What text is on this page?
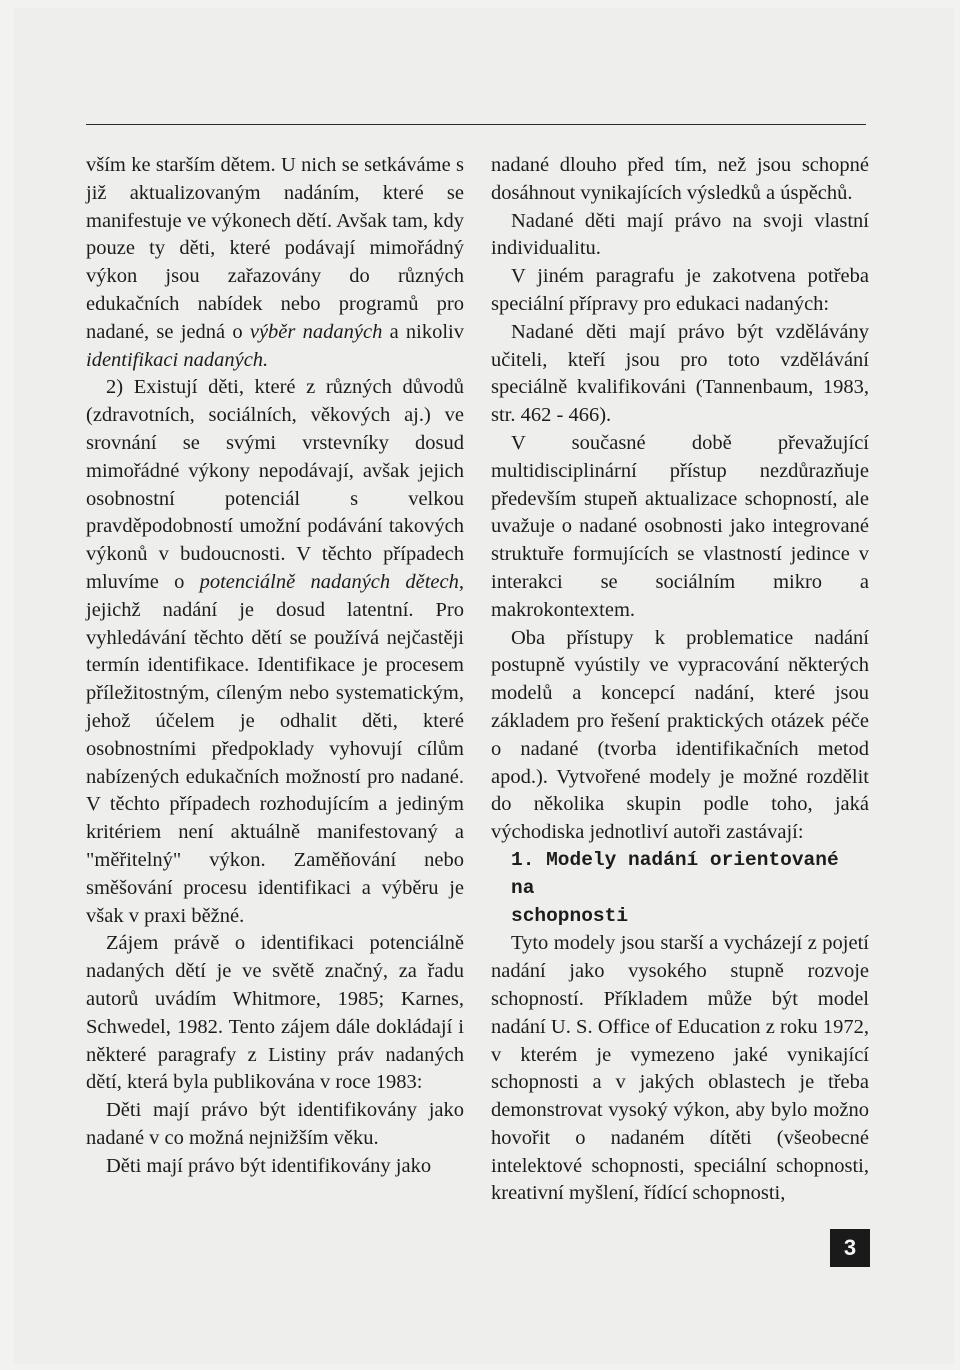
vším ke starším dětem. U nich se setkáváme s již aktualizovaným nadáním, které se manifestuje ve výkonech dětí. Avšak tam, kdy pouze ty děti, které podávají mimořádný výkon jsou zařazovány do různých edukačních nabídek nebo programů pro nadané, se jedná o výběr nadaných a nikoliv identifikaci nadaných.

2) Existují děti, které z různých důvodů (zdravotních, sociálních, věkových aj.) ve srovnání se svými vrstevníky dosud mimořádné výkony nepodávají, avšak jejich osobnostní potenciál s velkou pravděpodobností umožní podávání takových výkonů v budoucnosti. V těchto případech mluvíme o potenciálně nadaných dětech, jejichž nadání je dosud latentní. Pro vyhledávání těchto dětí se používá nejčastěji termín identifikace. Identifikace je procesem příležitostným, cíleným nebo systematickým, jehož účelem je odhalit děti, které osobnostními předpoklady vyhovují cílům nabízených edukačních možností pro nadané. V těchto případech rozhodujícím a jediným kritériem není aktuálně manifestovaný a "měřitelný" výkon. Zaměňování nebo směšování procesu identifikaci a výběru je však v praxi běžné.

Zájem právě o identifikaci potenciálně nadaných dětí je ve světě značný, za řadu autorů uvádím Whitmore, 1985; Karnes, Schwedel, 1982. Tento zájem dále dokládají i některé paragrafy z Listiny práv nadaných dětí, která byla publikována v roce 1983:

Děti mají právo být identifikovány jako nadané v co možná nejnižším věku.

Děti mají právo být identifikovány jako

nadané dlouho před tím, než jsou schopné dosáhnout vynikajících výsledků a úspěchů.

Nadané děti mají právo na svoji vlastní individualitu.

V jiném paragrafu je zakotvena potřeba speciální přípravy pro edukaci nadaných:

Nadané děti mají právo být vzdělávány učiteli, kteří jsou pro toto vzdělávání speciálně kvalifikováni (Tannenbaum, 1983, str. 462 - 466).

V současné době převažující multidisciplinární přístup nezdůrazňuje především stupeň aktualizace schopností, ale uvažuje o nadané osobnosti jako integrované struktuře formujících se vlastností jedince v interakci se sociálním mikro a makrokontextem.

Oba přístupy k problematice nadání postupně vyústily ve vypracování některých modelů a koncepcí nadání, které jsou základem pro řešení praktických otázek péče o nadané (tvorba identifikačních metod apod.). Vytvořené modely je možné rozdělit do několika skupin podle toho, jaká východiska jednotliví autoři zastávají:

1. Modely nadání orientované na
schopnosti

Tyto modely jsou starší a vycházejí z pojetí nadání jako vysokého stupně rozvoje schopností. Příkladem může být model nadání U. S. Office of Education z roku 1972, v kterém je vymezeno jaké vynikající schopnosti a v jakých oblastech je třeba demonstrovat vysoký výkon, aby bylo možno hovořit o nadaném dítěti (všeobecné intelektové schopnosti, speciální schopnosti, kreativní myšlení, řídící schopnosti,

3
